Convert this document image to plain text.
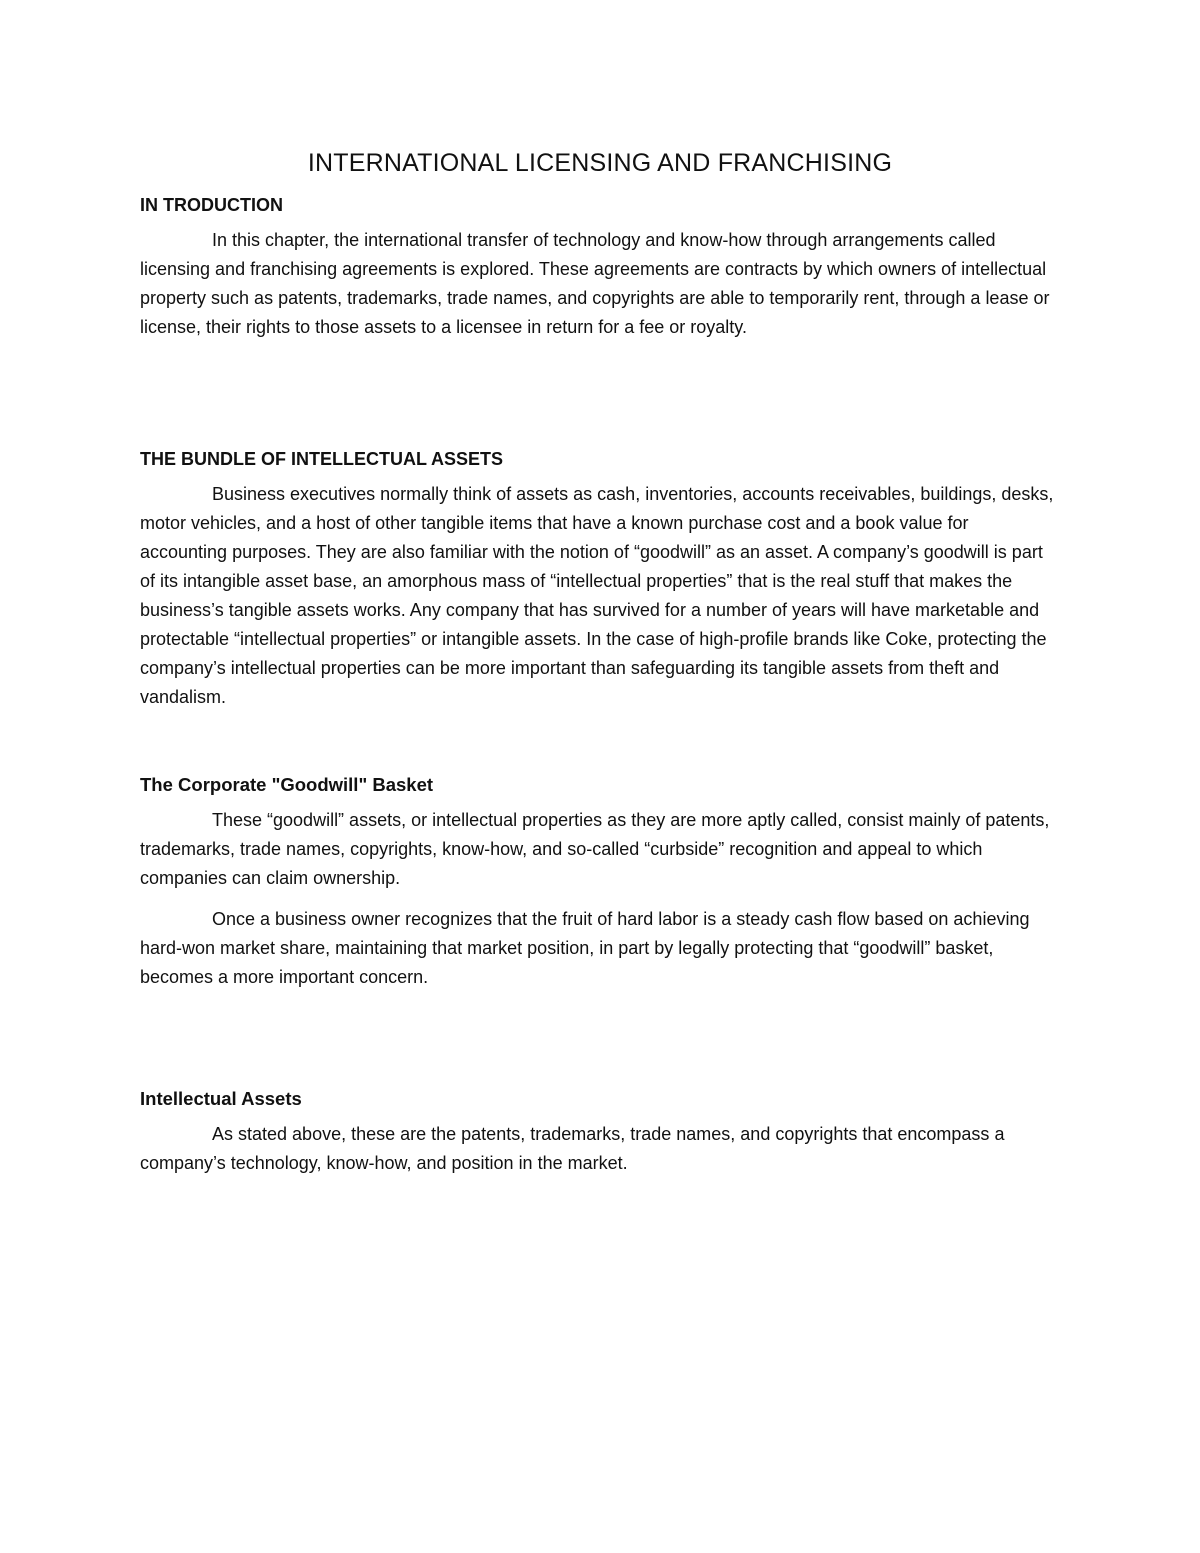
INTERNATIONAL LICENSING AND FRANCHISING
IN TRODUCTION

In this chapter, the international transfer of technology and know-how through arrangements called licensing and franchising agreements is explored. These agreements are contracts by which owners of intellectual property such as patents, trademarks, trade names, and copyrights are able to temporarily rent, through a lease or license, their rights to those assets to a licensee in return for a fee or royalty.

THE BUNDLE OF INTELLECTUAL ASSETS

Business executives normally think of assets as cash, inventories, accounts receivables, buildings, desks, motor vehicles, and a host of other tangible items that have a known purchase cost and a book value for accounting purposes. They are also familiar with the notion of “goodwill” as an asset. A company’s goodwill is part of its intangible asset base, an amorphous mass of “intellectual properties” that is the real stuff that makes the business’s tangible assets works. Any company that has survived for a number of years will have marketable and protectable “intellectual properties” or intangible assets. In the case of high-profile brands like Coke, protecting the company’s intellectual properties can be more important than safeguarding its tangible assets from theft and vandalism.

The Corporate "Goodwill" Basket

These “goodwill” assets, or intellectual properties as they are more aptly called, consist mainly of patents, trademarks, trade names, copyrights, know-how, and so-called “curbside” recognition and appeal to which companies can claim ownership.

Once a business owner recognizes that the fruit of hard labor is a steady cash flow based on achieving hard-won market share, maintaining that market position, in part by legally protecting that “goodwill” basket, becomes a more important concern.

Intellectual Assets

As stated above, these are the patents, trademarks, trade names, and copyrights that encompass a company’s technology, know-how, and position in the market.
